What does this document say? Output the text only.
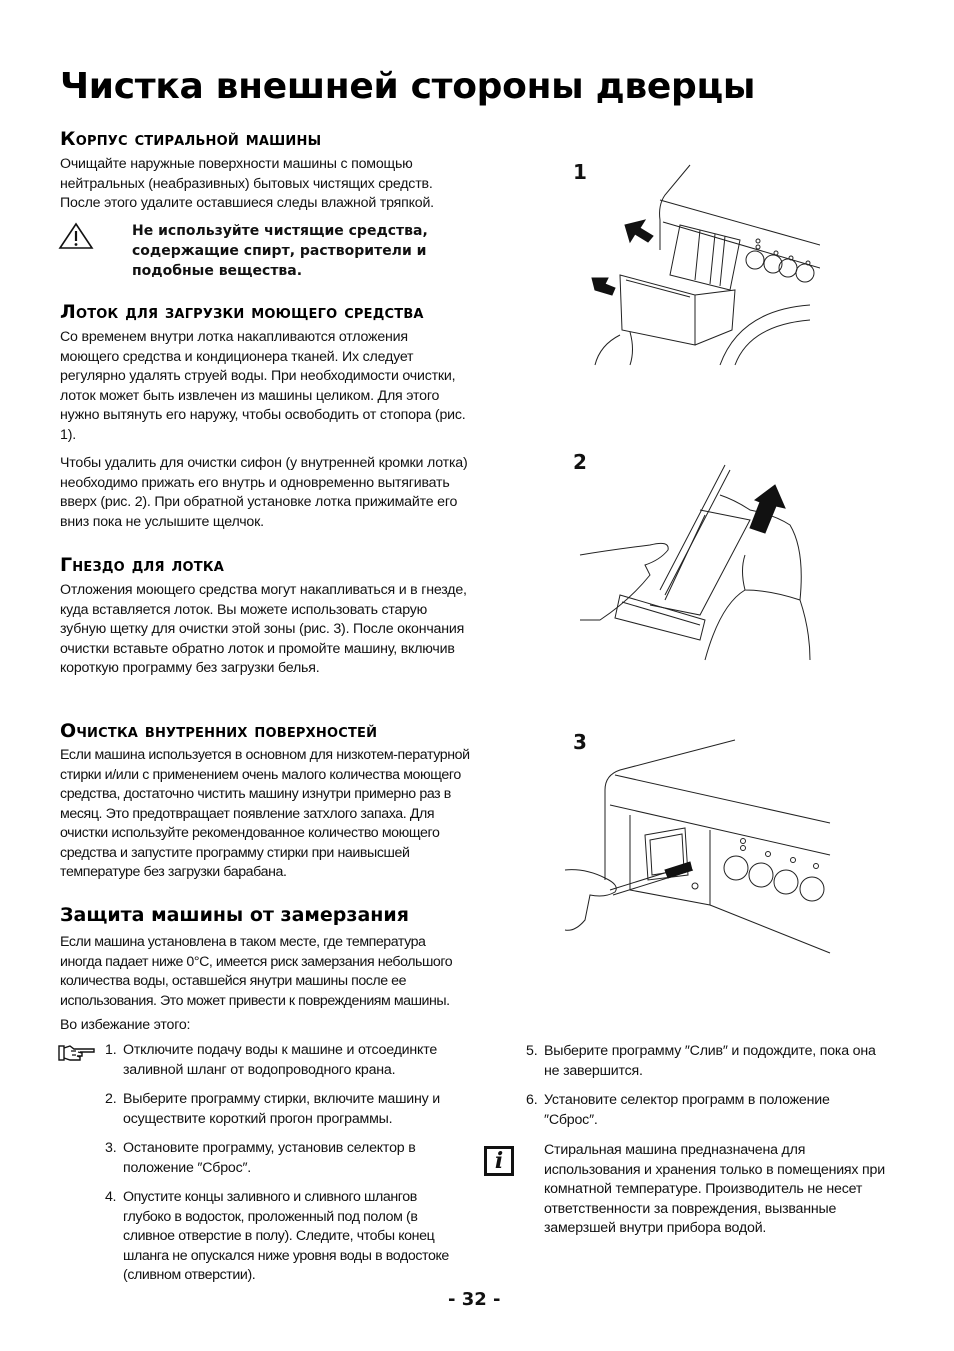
Чистка внешней стороны дверцы
Корпус стиральной машины

Очищайте наружные поверхности машины с помощью нейтральных (неабразивных) бытовых чистящих средств. После этого удалите оставшиеся следы влажной тряпкой.

Не используйте чистящие средства, содержащие спирт, растворители и подобные вещества.

Лоток для загрузки моющего средства

Со временем внутри лотка накапливаются отложения моющего средства и кондиционера тканей. Их следует регулярно удалять струей воды. При необходимости очистки, лоток может быть извлечен из машины целиком. Для этого нужно вытянуть его наружу, чтобы освободить от стопора (рис. 1).

Чтобы удалить для очистки сифон (у внутренней кромки лотка) необходимо прижать его внутрь и одновременно вытягивать вверх (рис. 2). При обратной установке лотка прижимайте его вниз пока не услышите щелчок.

Гнездо для лотка

Отложения моющего средства могут накапливаться и в гнезде, куда вставляется лоток. Вы можете использовать старую зубную щетку для очистки этой зоны (рис. 3). После окончания очистки вставьте обратно лоток и промойте машину, включив короткую программу без загрузки белья.

Очистка внутренних поверхностей

Если машина используется в основном для низкотем-пературной стирки и/или с применением очень малого количества моющего средства, достаточно чистить машину изнутри примерно раз в месяц. Это предотвращает появление затхлого запаха. Для очистки используйте рекомендованное количество моющего средства и запустите программу стирки при наивысшей температуре без загрузки барабана.

Защита машины от замерзания

Если машина установлена в таком месте, где температура иногда падает ниже 0°C, имеется риск замерзания небольшого количества воды, оставшейся янутри машины после ее использования. Это может привести к повреждениям машины.

Во избежание этого:

1. Отключите подачу воды к машине и отсоединкте заливной шланг от водопроводного крана.
2. Выберите программу стирки, включите машину и осуществите короткий прогон программы.
3. Остановите программу, установив селектор в положение ″Сброс″.
4. Опустите концы заливного и сливного шлангов глубоко в водосток, проложенный под полом (в сливное отверстие в полу). Следите, чтобы конец шланга не опускался ниже уровня воды в водостоке (сливном отверстии).
5. Выберите программу ″Слив″ и подождите, пока она не завершится.
6. Установите селектор программ в положение ″Сброс″.
i	Стиральная машина предназначена для использования и хранения только в помещениях при комнатной температуре. Производитель не несет ответственности за повреждения, вызванные замерзшей внутри прибора водой.

1
2
3
- 32 -
